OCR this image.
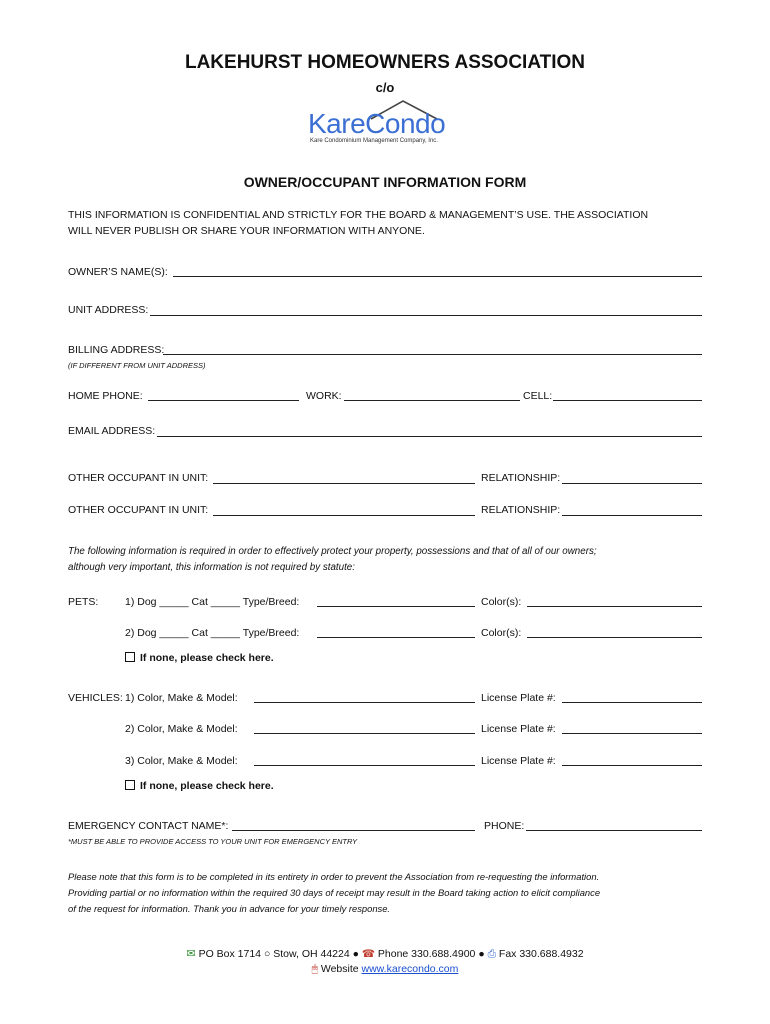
LAKEHURST HOMEOWNERS ASSOCIATION
c/o
KareCondo
Kare Condominium Management Company, Inc.
OWNER/OCCUPANT INFORMATION FORM
THIS INFORMATION IS CONFIDENTIAL AND STRICTLY FOR THE BOARD & MANAGEMENT’S USE. THE ASSOCIATION
WILL NEVER PUBLISH OR SHARE YOUR INFORMATION WITH ANYONE.
OWNER’S NAME(S):
UNIT ADDRESS:
BILLING ADDRESS:
(IF DIFFERENT FROM UNIT ADDRESS)
HOME PHONE:	WORK:	CELL:
EMAIL ADDRESS:
OTHER OCCUPANT IN UNIT:	RELATIONSHIP:
OTHER OCCUPANT IN UNIT:	RELATIONSHIP:
The following information is required in order to effectively protect your property, possessions and that of all of our owners;
although very important, this information is not required by statute:
PETS:	1) Dog _____ Cat _____ Type/Breed:	Color(s):
2) Dog _____ Cat _____ Type/Breed:	Color(s):
If none, please check here.
VEHICLES: 1) Color, Make & Model:	License Plate #:
2) Color, Make & Model:	License Plate #:
3) Color, Make & Model:	License Plate #:
If none, please check here.
EMERGENCY CONTACT NAME*:	PHONE:
*MUST BE ABLE TO PROVIDE ACCESS TO YOUR UNIT FOR EMERGENCY ENTRY
Please note that this form is to be completed in its entirety in order to prevent the Association from re-requesting the information.
Providing partial or no information within the required 30 days of receipt may result in the Board taking action to elicit compliance
of the request for information. Thank you in advance for your timely response.
✉ PO Box 1714 ○ Stow, OH 44224 ● ☎ Phone 330.688.4900 ● ⎙ Fax 330.688.4932
🖱 Website www.karecondo.com
